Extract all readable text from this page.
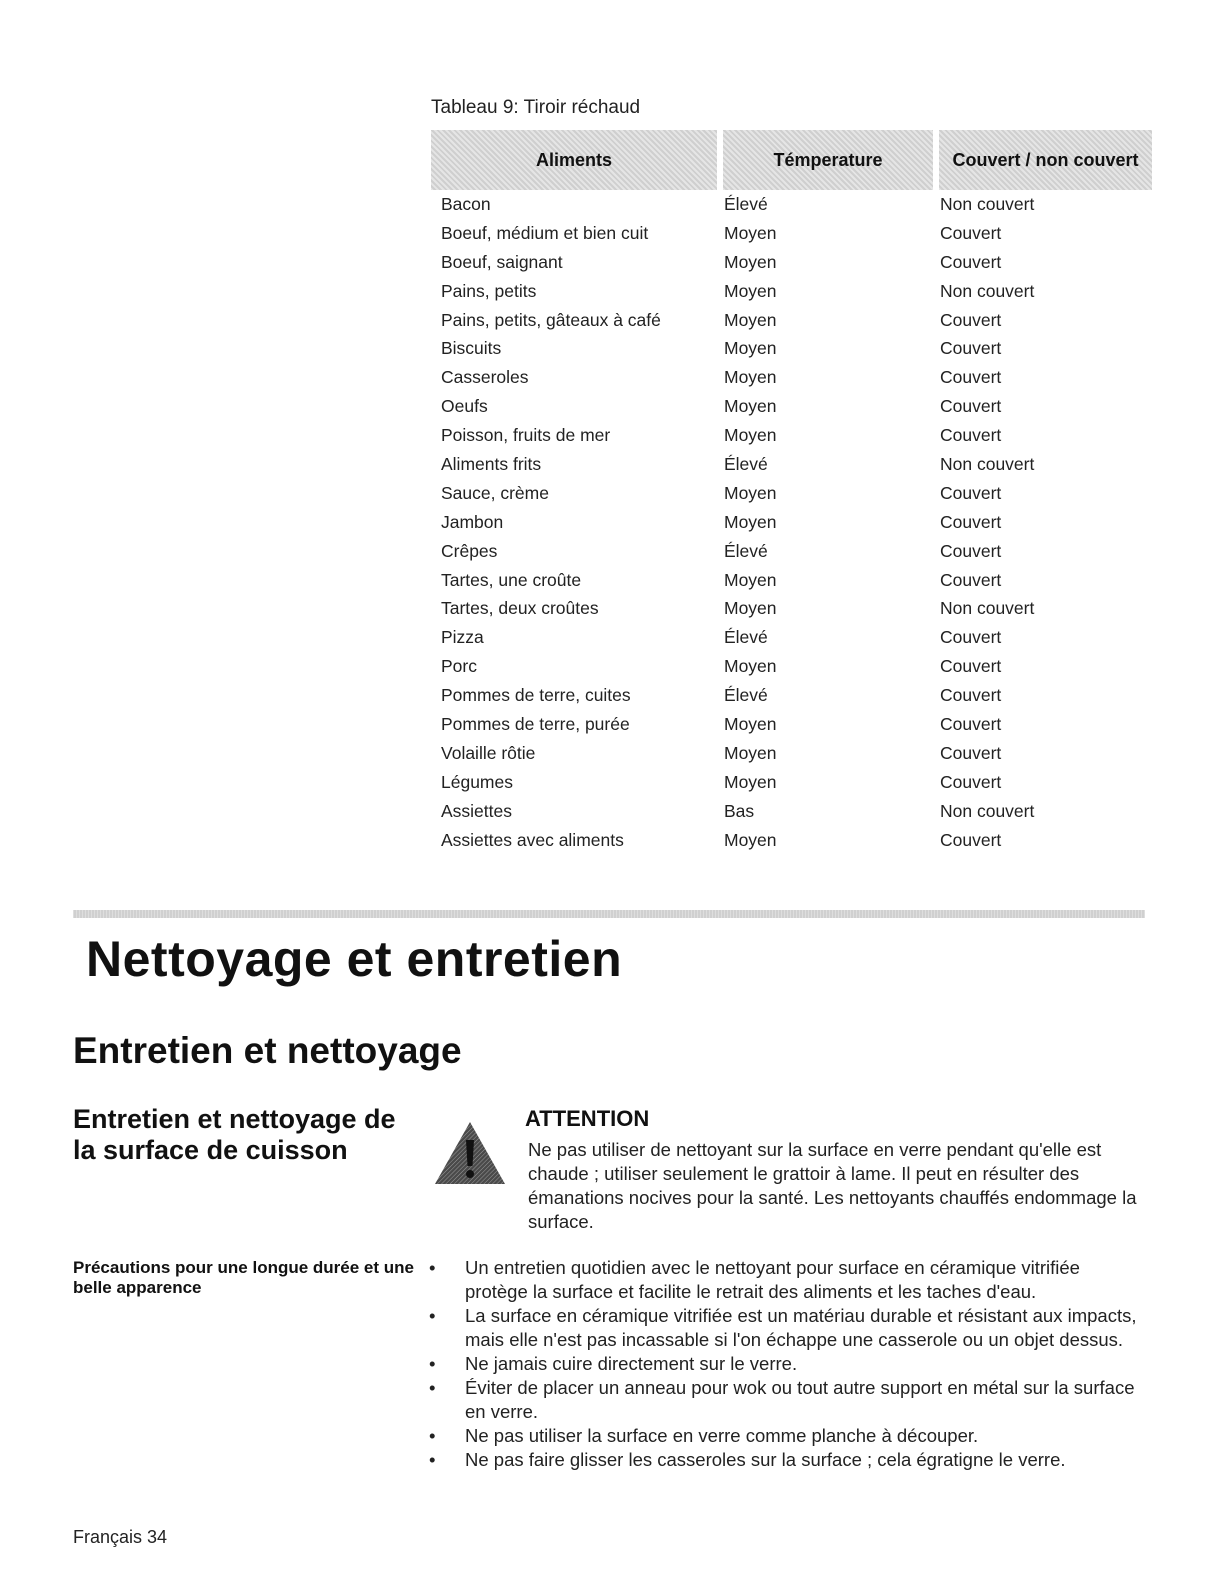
Tableau 9: Tiroir réchaud
Aliments	Témperature	Couvert / non couvert
Bacon	Élevé	Non couvert
Boeuf, médium et bien cuit	Moyen	Couvert
Boeuf, saignant	Moyen	Couvert
Pains, petits	Moyen	Non couvert
Pains, petits, gâteaux à café	Moyen	Couvert
Biscuits	Moyen	Couvert
Casseroles	Moyen	Couvert
Oeufs	Moyen	Couvert
Poisson, fruits de mer	Moyen	Couvert
Aliments frits	Élevé	Non couvert
Sauce, crème	Moyen	Couvert
Jambon	Moyen	Couvert
Crêpes	Élevé	Couvert
Tartes, une croûte	Moyen	Couvert
Tartes, deux croûtes	Moyen	Non couvert
Pizza	Élevé	Couvert
Porc	Moyen	Couvert
Pommes de terre, cuites	Élevé	Couvert
Pommes de terre, purée	Moyen	Couvert
Volaille rôtie	Moyen	Couvert
Légumes	Moyen	Couvert
Assiettes	Bas	Non couvert
Assiettes avec aliments	Moyen	Couvert
Nettoyage et entretien
Entretien et nettoyage
Entretien et nettoyage de la surface de cuisson
ATTENTION

Ne pas utiliser de nettoyant sur la surface en verre pendant qu'elle est chaude ; utiliser seulement le grattoir à lame. Il peut en résulter des émanations nocives pour la santé. Les nettoyants chauffés endommage la surface.

Précautions pour une longue durée et une belle apparence

• Un entretien quotidien avec le nettoyant pour surface en céramique vitrifiée protège la surface et facilite le retrait des aliments et les taches d'eau.
• La surface en céramique vitrifiée est un matériau durable et résistant aux impacts, mais elle n'est pas incassable si l'on échappe une casserole ou un objet dessus.
• Ne jamais cuire directement sur le verre.
• Éviter de placer un anneau pour wok ou tout autre support en métal sur la surface en verre.
• Ne pas utiliser la surface en verre comme planche à découper.
• Ne pas faire glisser les casseroles sur la surface ; cela égratigne le verre.
Français 34
